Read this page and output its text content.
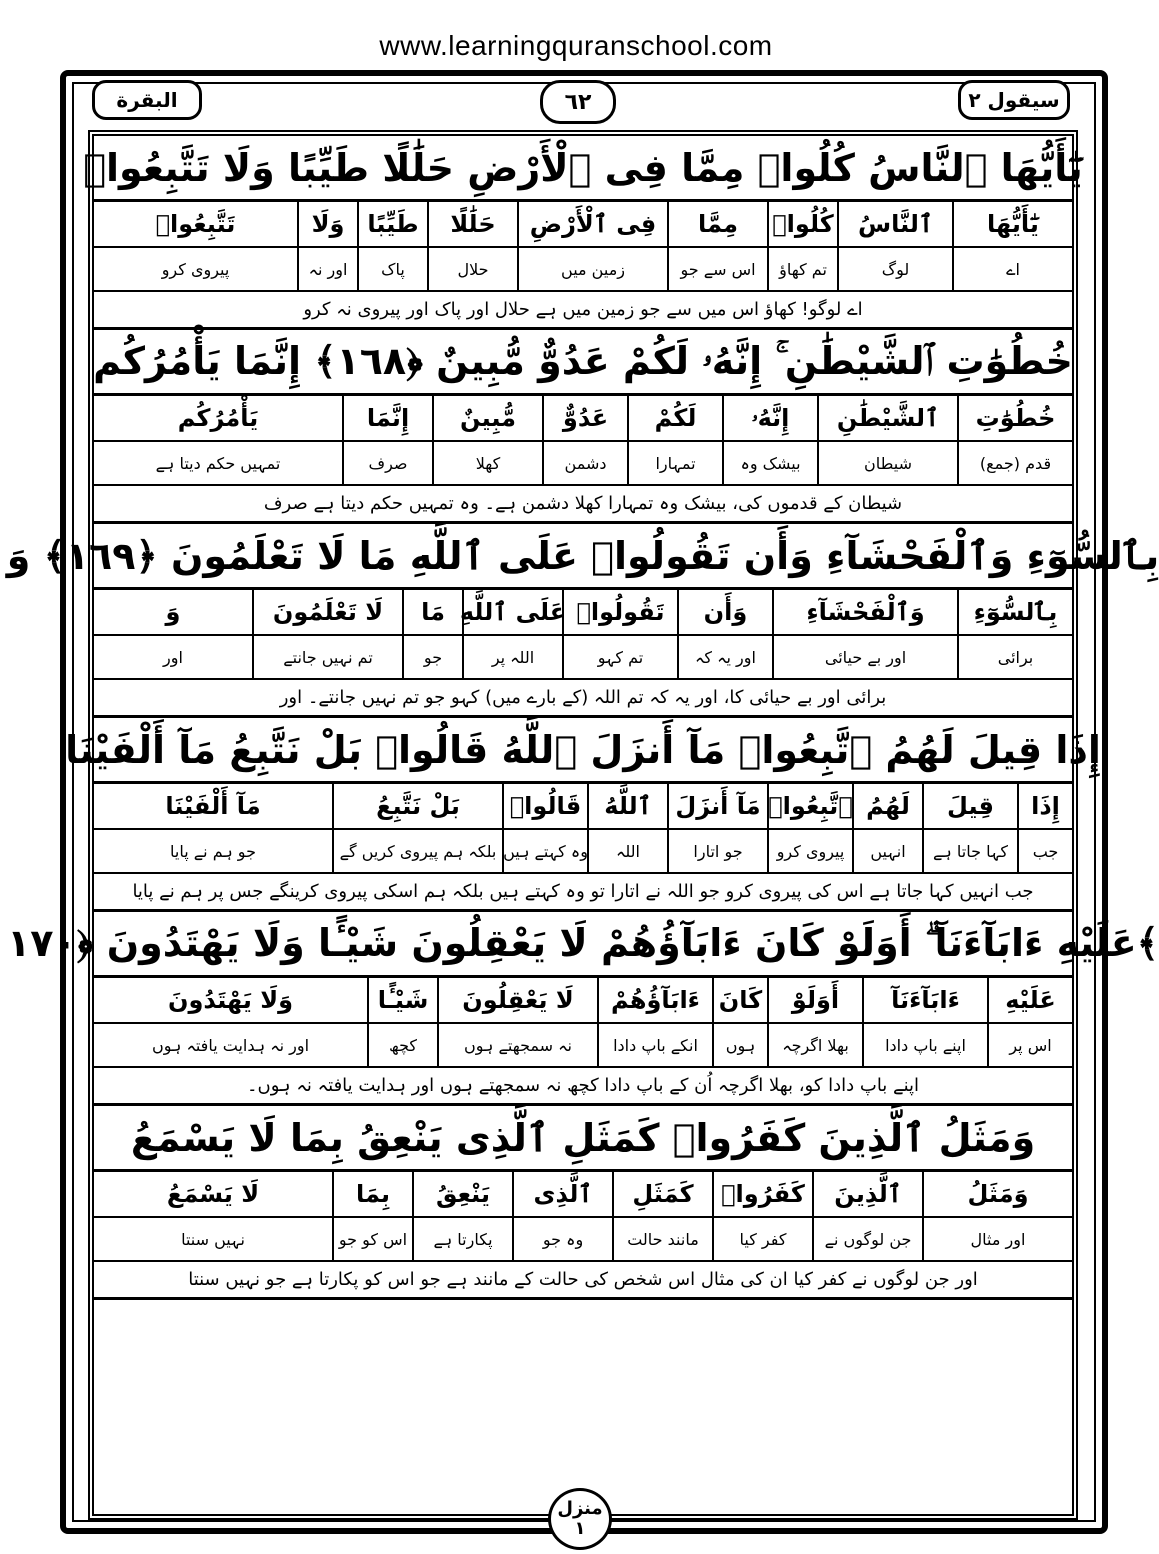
www.learningquranschool.com
البقرة	٦٢	سیقول ۲
يَٰٓأَيُّهَا ٱلنَّاسُ كُلُوا۟ مِمَّا فِى ٱلْأَرْضِ حَلَٰلًا طَيِّبًا وَلَا تَتَّبِعُوا۟
يَٰٓأَيُّهَا
ٱلنَّاسُ
كُلُوا۟
مِمَّا
فِى ٱلْأَرْضِ
حَلَٰلًا
طَيِّبًا
وَلَا
تَتَّبِعُوا۟
اے
لوگ
تم کھاؤ
اس سے جو
زمین میں
حلال
پاک
اور نہ
پیروی کرو
اے لوگو! کھاؤ اس میں سے جو زمین میں ہے حلال اور پاک اور پیروی نہ کرو
خُطُوَٰتِ ٱلشَّيْطَٰنِ ۚ إِنَّهُۥ لَكُمْ عَدُوٌّ مُّبِينٌ ﴿١٦٨﴾ إِنَّمَا يَأْمُرُكُم
خُطُوَٰتِ
ٱلشَّيْطَٰنِ
إِنَّهُۥ
لَكُمْ
عَدُوٌّ
مُّبِينٌ
إِنَّمَا
يَأْمُرُكُم
قدم (جمع)
شیطان
بیشک وہ
تمہارا
دشمن
کھلا
صرف
تمہیں حکم دیتا ہے
شیطان کے قدموں کی، بیشک وہ تمہارا کھلا دشمن ہے۔ وہ تمہیں حکم دیتا ہے صرف
بِٱلسُّوٓءِ وَٱلْفَحْشَآءِ وَأَن تَقُولُوا۟ عَلَى ٱللَّهِ مَا لَا تَعْلَمُونَ ﴿١٦٩﴾ وَ
بِٱلسُّوٓءِ
وَٱلْفَحْشَآءِ
وَأَن
تَقُولُوا۟
عَلَى ٱللَّهِ
مَا
لَا تَعْلَمُونَ
وَ
برائی
اور بے حیائی
اور یہ کہ
تم کہو
اللہ پر
جو
تم نہیں جانتے
اور
برائی اور بے حیائی کا، اور یہ کہ تم اللہ (کے بارے میں) کہو جو تم نہیں جانتے۔ اور
إِذَا قِيلَ لَهُمُ ٱتَّبِعُوا۟ مَآ أَنزَلَ ٱللَّهُ قَالُوا۟ بَلْ نَتَّبِعُ مَآ أَلْفَيْنَا
إِذَا
قِيلَ
لَهُمُ
ٱتَّبِعُوا۟
مَآ أَنزَلَ
ٱللَّهُ
قَالُوا۟
بَلْ نَتَّبِعُ
مَآ أَلْفَيْنَا
جب
کہا جاتا ہے
انہیں
پیروی کرو
جو اتارا
اللہ
وہ کہتے ہیں
بلکہ ہم پیروی کریں گے
جو ہم نے پایا
جب انہیں کہا جاتا ہے اس کی پیروی کرو جو اللہ نے اتارا تو وہ کہتے ہیں بلکہ ہم اسکی پیروی کرینگے جس پر ہم نے پایا
عَلَيْهِ ءَابَآءَنَآ ۗ أَوَلَوْ كَانَ ءَابَآؤُهُمْ لَا يَعْقِلُونَ شَيْـًٔا وَلَا يَهْتَدُونَ ﴿١٧٠﴾
عَلَيْهِ
ءَابَآءَنَآ
أَوَلَوْ
كَانَ
ءَابَآؤُهُمْ
لَا يَعْقِلُونَ
شَيْـًٔا
وَلَا يَهْتَدُونَ
اس پر
اپنے باپ دادا
بھلا اگرچہ
ہوں
انکے باپ دادا
نہ سمجھتے ہوں
کچھ
اور نہ ہدایت یافتہ ہوں
اپنے باپ دادا کو، بھلا اگرچہ اُن کے باپ دادا کچھ نہ سمجھتے ہوں اور ہدایت یافتہ نہ ہوں۔
وَمَثَلُ ٱلَّذِينَ كَفَرُوا۟ كَمَثَلِ ٱلَّذِى يَنْعِقُ بِمَا لَا يَسْمَعُ
وَمَثَلُ
ٱلَّذِينَ
كَفَرُوا۟
كَمَثَلِ
ٱلَّذِى
يَنْعِقُ
بِمَا
لَا يَسْمَعُ
اور مثال
جن لوگوں نے
کفر کیا
مانند حالت
وہ جو
پکارتا ہے
اس کو جو
نہیں سنتا
اور جن لوگوں نے کفر کیا ان کی مثال اس شخص کی حالت کے مانند ہے جو اس کو پکارتا ہے جو نہیں سنتا
منزل
١
